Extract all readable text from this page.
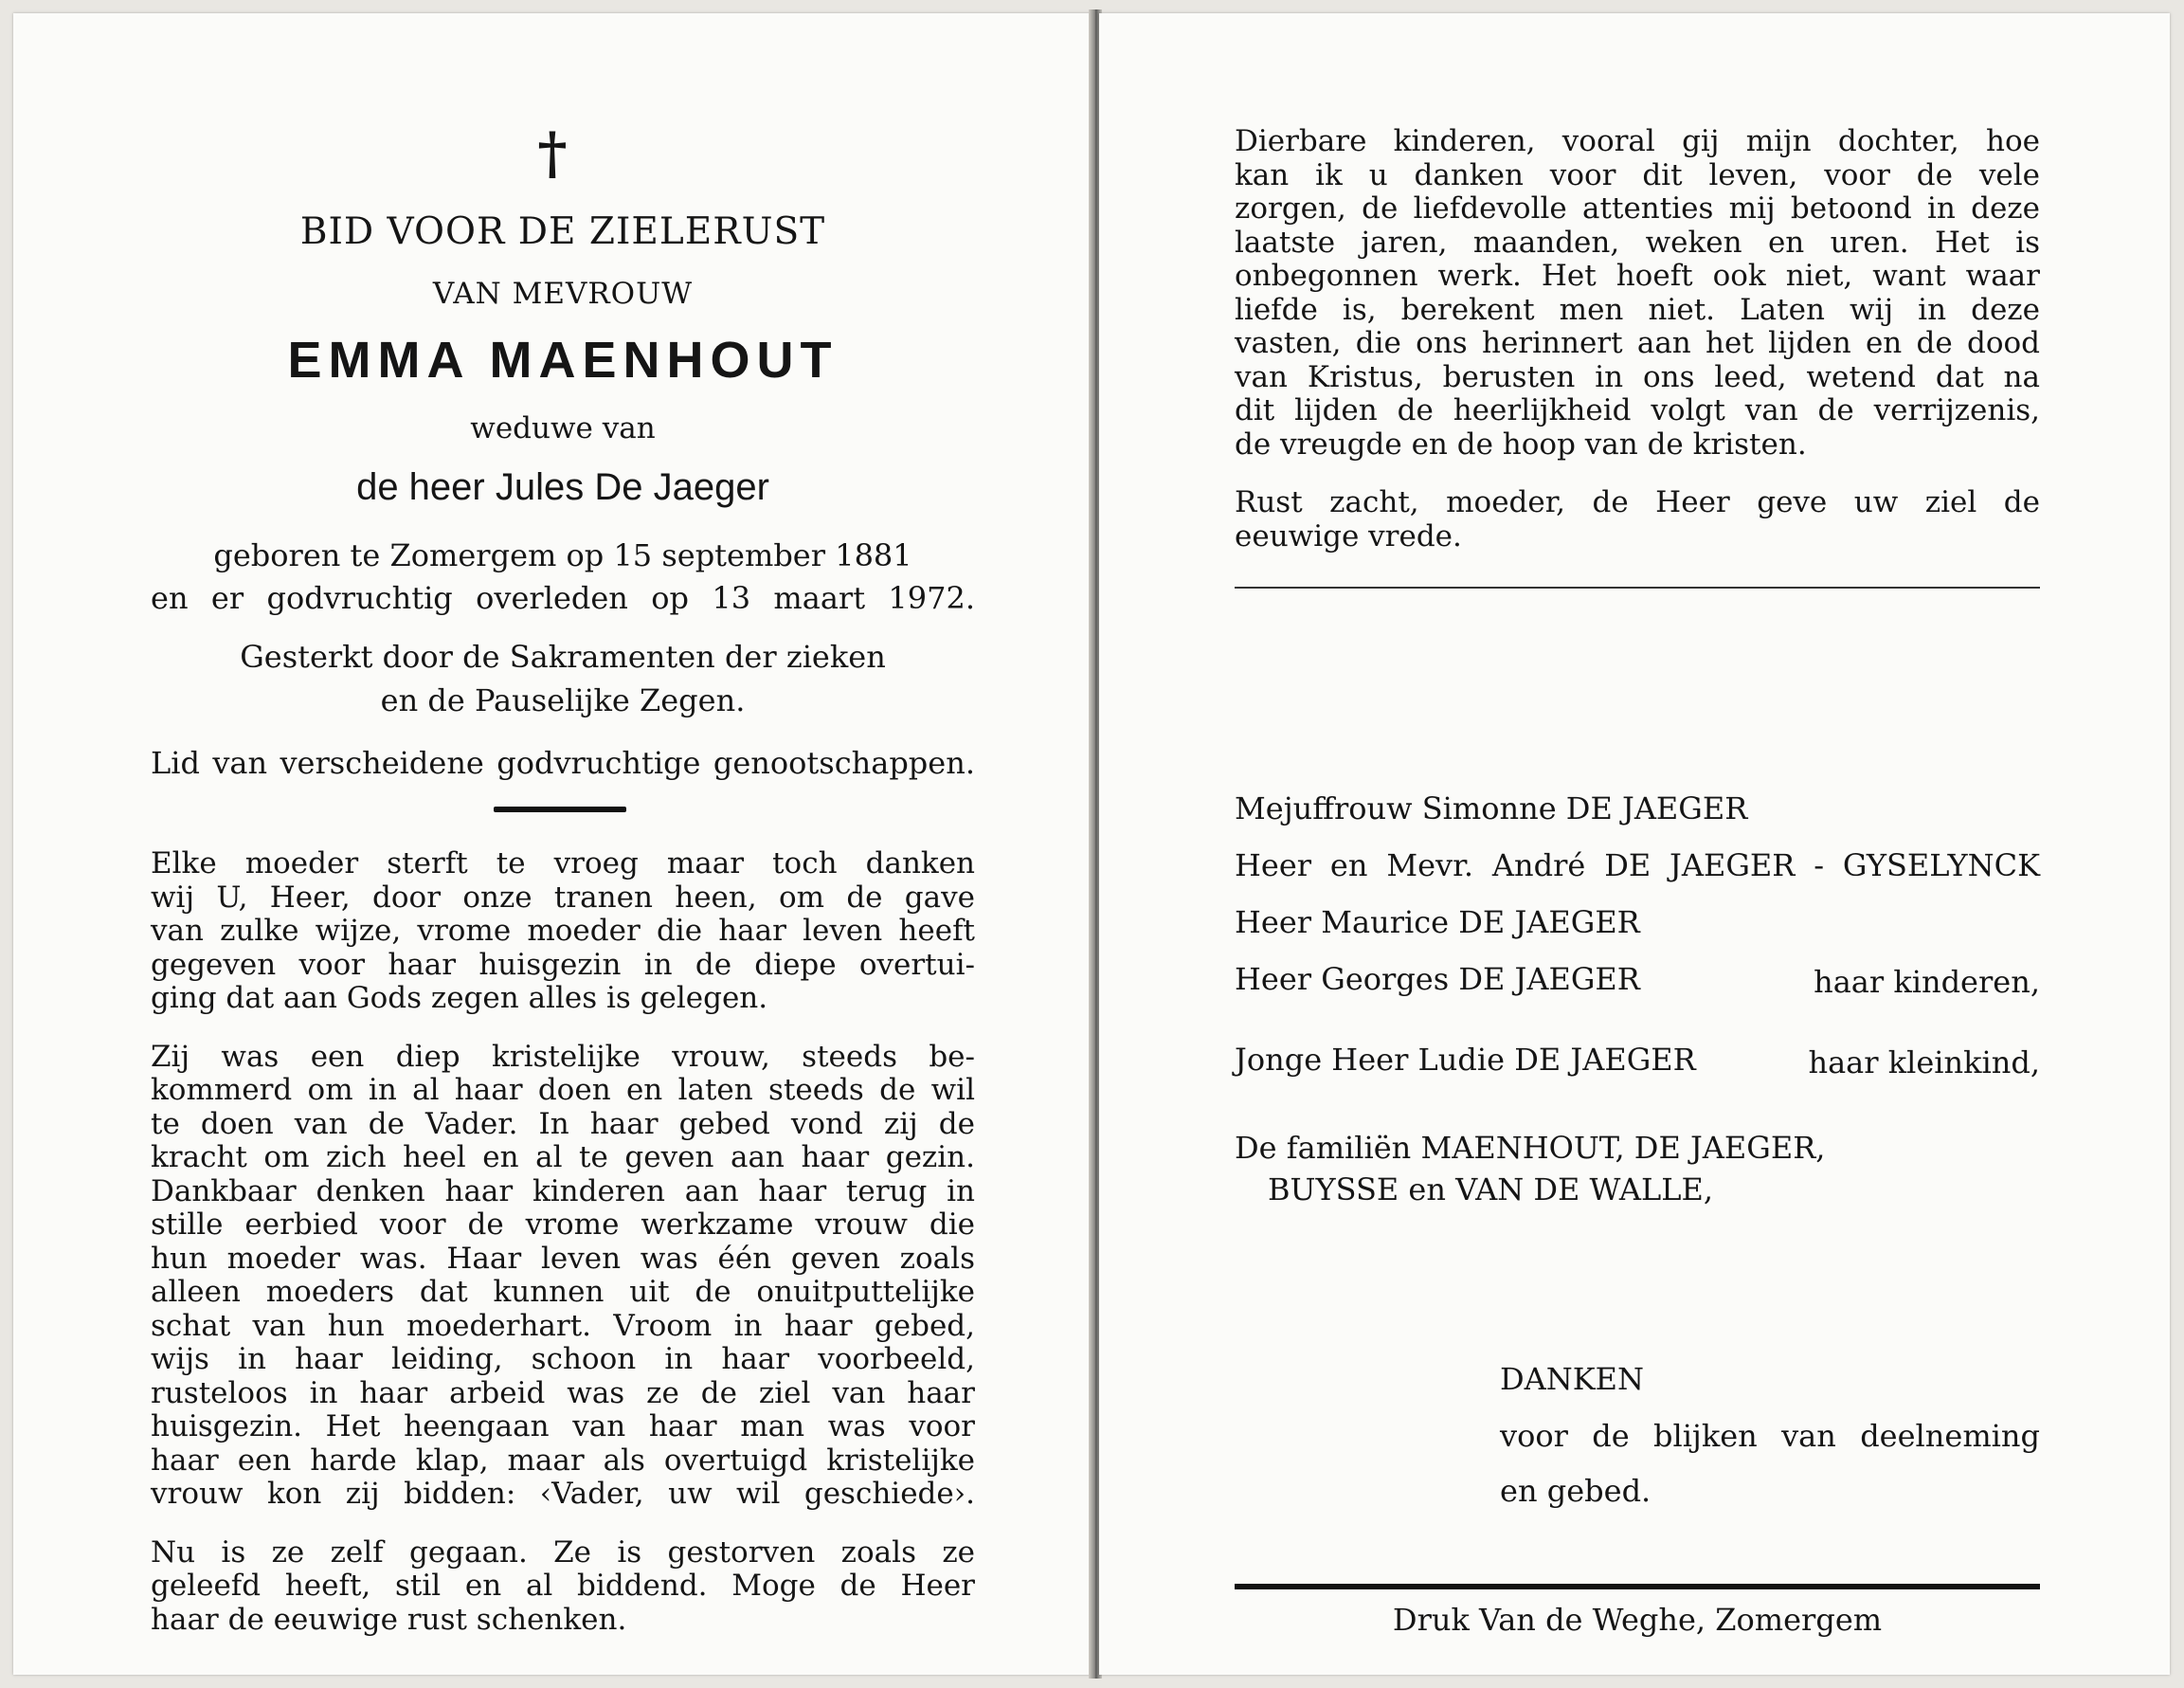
†
BID VOOR DE ZIELERUST
VAN MEVROUW
EMMA MAENHOUT
weduwe van
de heer Jules De Jaeger
geboren te Zomergem op 15 september 1881
en er godvruchtig overleden op 13 maart 1972.
Gesterkt door de Sakramenten der zieken
en de Pauselijke Zegen.
Lid van verscheidene godvruchtige genootschappen.

Elke moeder sterft te vroeg maar toch danken

wij U, Heer, door onze tranen heen, om de gave

van zulke wijze, vrome moeder die haar leven heeft

gegeven voor haar huisgezin in de diepe overtui-

ging dat aan Gods zegen alles is gelegen.

Zij was een diep kristelijke vrouw, steeds be-

kommerd om in al haar doen en laten steeds de wil

te doen van de Vader. In haar gebed vond zij de

kracht om zich heel en al te geven aan haar gezin.

Dankbaar denken haar kinderen aan haar terug in

stille eerbied voor de vrome werkzame vrouw die

hun moeder was. Haar leven was één geven zoals

alleen moeders dat kunnen uit de onuitputtelijke

schat van hun moederhart. Vroom in haar gebed,

wijs in haar leiding, schoon in haar voorbeeld,

rusteloos in haar arbeid was ze de ziel van haar

huisgezin. Het heengaan van haar man was voor

haar een harde klap, maar als overtuigd kristelijke

vrouw kon zij bidden: ‹Vader, uw wil geschiede›.

Nu is ze zelf gegaan. Ze is gestorven zoals ze

geleefd heeft, stil en al biddend. Moge de Heer

haar de eeuwige rust schenken.

Dierbare kinderen, vooral gij mijn dochter, hoe

kan ik u danken voor dit leven, voor de vele

zorgen, de liefdevolle attenties mij betoond in deze

laatste jaren, maanden, weken en uren. Het is

onbegonnen werk. Het hoeft ook niet, want waar

liefde is, berekent men niet. Laten wij in deze

vasten, die ons herinnert aan het lijden en de dood

van Kristus, berusten in ons leed, wetend dat na

dit lijden de heerlijkheid volgt van de verrijzenis,

de vreugde en de hoop van de kristen.

Rust zacht, moeder, de Heer geve uw ziel de

eeuwige vrede.

Mejuffrouw Simonne DE JAEGER
Heer en Mevr. André DE JAEGER - GYSELYNCK
Heer Maurice DE JAEGER
Heer Georges DE JAEGER	haar kinderen,
Jonge Heer Ludie DE JAEGER	haar kleinkind,
De familiën MAENHOUT, DE JAEGER,
BUYSSE en VAN DE WALLE,
DANKEN
voor de blijken van deelneming
en gebed.
Druk Van de Weghe, Zomergem
